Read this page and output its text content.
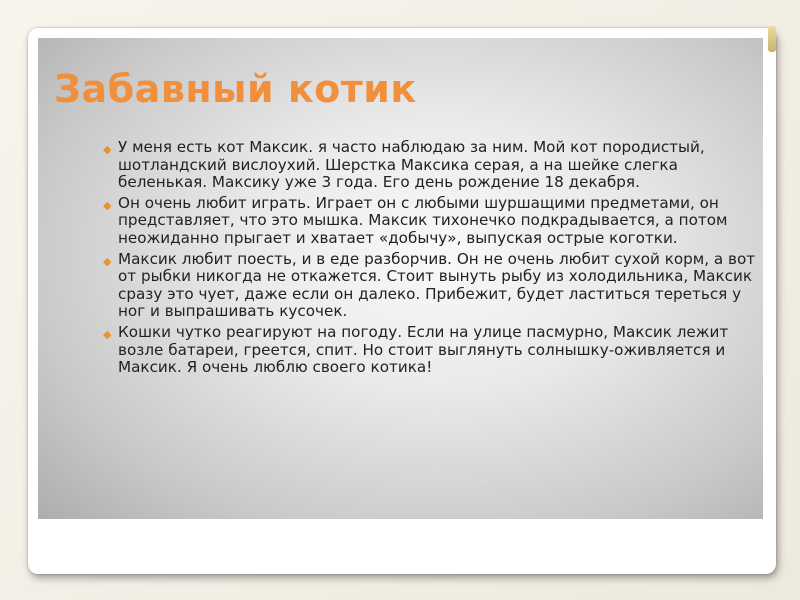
Забавный котик
◆ У меня есть кот Максик. я часто наблюдаю за ним. Мой кот породистый, шотландский вислоухий. Шерстка Максика серая, а на шейке слегка беленькая. Максику уже 3 года. Его день рождение 18 декабря.
◆ Он очень любит играть. Играет он с любыми шуршащими предметами, он представляет, что это мышка. Максик тихонечко подкрадывается, а потом неожиданно прыгает и хватает «добычу», выпуская острые коготки.
◆ Максик любит поесть, и в еде разборчив. Он не очень любит сухой корм, а вот от рыбки никогда не откажется. Стоит вынуть рыбу из холодильника, Максик сразу это чует, даже если он далеко. Прибежит, будет ластиться тереться у ног и выпрашивать кусочек.
◆ Кошки чутко реагируют на погоду. Если на улице пасмурно, Максик лежит возле батареи, греется, спит. Но стоит выглянуть солнышку-оживляется и Максик. Я очень люблю своего котика!
